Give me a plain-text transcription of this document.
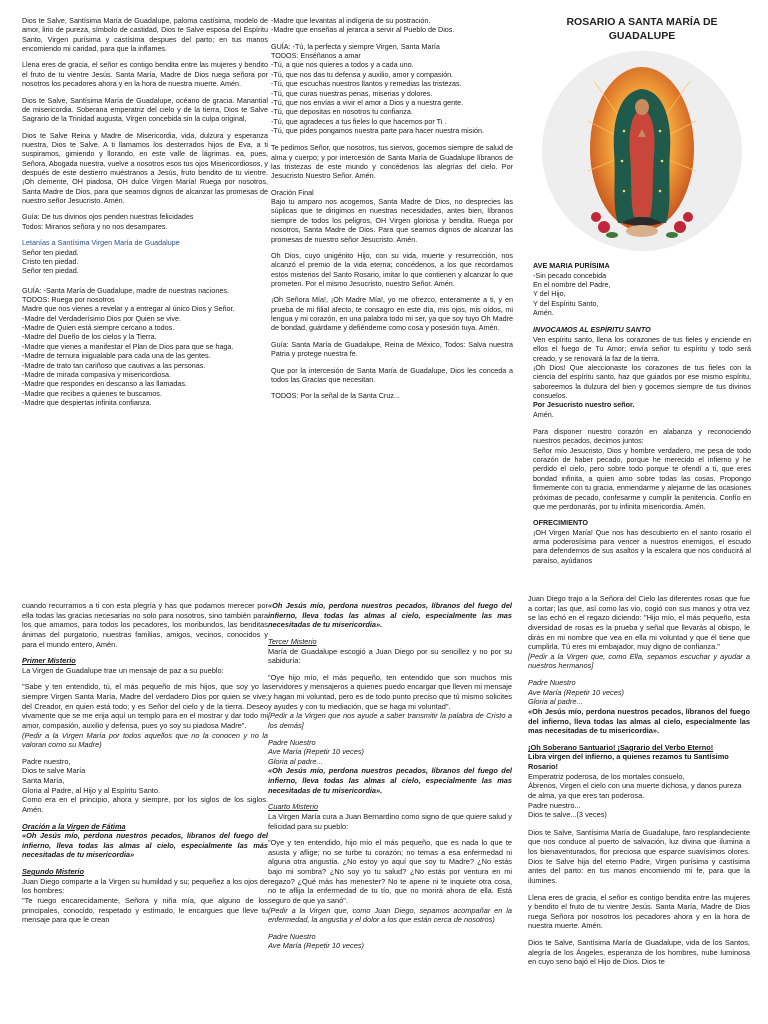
Dios te Salve, Santísima María de Guadalupe, paloma castísima, modelo de amor, lirio de pureza, símbolo de castidad, Dios te Salve esposa del Espíritu Santo, Virgen purísima y castísima despues del parto; en tus manos encomiendo mi caridad, para que la inflames.

Llena eres de gracia, el señor es contigo bendita entre las mujeres y bendito el fruto de tu vientre Jesús. Santa María, Madre de Dios ruega señora por nosotros los pecadores ahora y en la hora de nuestra muerte. Amén.

Dios te Salve, Santísima María de Guadalupe, océano de gracia. Manantial de misericordia. Soberana emperatriz del cielo y de la tierra, Dios te Salve Sagrario de la Trinidad augusta, Virgen concebida sin la culpa original,

Dios te Salve Reina y Madre de Misericordia, vida, dulzura y esperanza nuestra, Dios te Salve. A ti llamamos los desterrados hijos de Eva, a ti suspiramos, gimiendo y llorando, en este valle de lágrimas. ea, pues, Señora, Abogada nuestra, vuelve a nosotros esos tus ojos Misericordiosos, y después de este destierro muéstranos a Jesús, fruto bendito de tu vientre. ¡Oh clemente, OH piadosa, OH dulce Virgen María! Ruega por nosotros, Santa Madre de Dios, para que seamos dignos de alcanzar las promesas de nuestro señor Jesucristo. Amén.

Guía: De tus divinos ojos penden nuestras felicidades
Todos: Miranos señora y no nos desampares.

Letanías a Santísima Virgen María de Guadalupe
Señor ten piedad.
Cristo ten piedad.
Señor ten piedad.

GUÍA: -Santa María de Guadalupe, madre de nuestras naciones.
TODOS: Ruega por nosotros
Madre que nos vienes a revelar y a entregar al único Dios y Señor.
-Madre del Verdaderísimo Dios por Quien se vive.
-Madre de Quien está siempre cercano a todos.
-Madre del Dueño de los cielos y la Tierra.
-Madre que vienes a manifestar el Plan de Dios para que se haga.
-Madre de ternura inigualable para cada una de las gentes.
-Madre de trato tan cariñoso que cautivas a las personas.
-Madre de mirada compasiva y misericordiosa.
-Madre que respondes en descanso a las llamadas.
-Madre que recibes a quienes te buscamos.
-Madre que despiertas infinita confianza.

-Madre que levantas al indígena de su postración.
-Madre que enseñas al jerarca a servir al Pueblo de Dios.

GUÍA: -Tú, la perfecta y siempre Virgen, Santa María
TODOS: Enséñanos a amar
-Tú, a que nos quieres a todos y a cada uno.
-Tú, que nos das tu defensa y auxilio, amor y compasión.
-Tú, que escuchas nuestros llantos y remedias las tristezas.
-Tú, que curas nuestras penas, miserias y dolores.
-Tú, que nos envías a vivir el amor a Dios y a nuestra gente.
-Tú, que depositas en nosotros tu confianza.
-Tú, que agradeces a tus fieles lo que hacemos por Ti .
-Tú, que pides pongamos nuestra parte para hacer nuestra misión.

Te pedimos Señor, que nosotros, tus siervos, gocemos siempre de salud de alma y cuerpo; y por intercesión de Santa María de Guadalupe líbranos de las tristezas de este mundo y concédenos las alegrías del cielo. Por Jesucristo Nuestro Señor. Amén.

Oración Final

Bajo tu amparo nos acogemos, Santa Madre de Dios, no desprecies las súplicas que te dirigimos en nuestras necesidades, antes bien, líbranos siempre de todos los peligros, OH Virgen gloriosa y bendita. Ruega por nosotros, Santa Madre de Dios. Para que seamos dignos de alcanzar las promesas de nuestro señor Jesucristo. Amén.

Oh Dios, cuyo unigénito Hijo, con su vida, muerte y resurrección, nos alcanzó el premio de la vida eterna; concédenos, a los que recordamos estos misterios del Santo Rosario, imitar lo que contienen y alcanzar lo que prometen. Por el mismo Jesucristo, nuestro Señor. Amén.

¡Oh Señora Mía!, ¡Oh Madre Mía!, yo me ofrezco, enteramente a ti, y en prueba de mi filial afecto, te consagro en este día, mis ojos, mis oídos, mi lengua y mi corazón, en una palabra todo mi ser, ya que soy tuyo Oh Madre de bondad, guárdame y defiéndeme como cosa y posesión tuya. Amén.

Guía: Santa María de Guadalupe, Reina de México, Todos: Salva nuestra Patria y protege nuestra fe.

Que por la intercesión de Santa María de Guadalupe, Dios les conceda a todos las Gracias que necesitan.

TODOS: Por la señal de la Santa Cruz...

ROSARIO A SANTA MARÍA DE GUADALUPE
AVE MARIA PURÍSIMA
-Sin pecado concebida
En el nombre del Padre,
Y del Hijo,
Y del Espíritu Santo,
Amén.
INVOCAMOS AL ESPÍRITU SANTO

Ven espíritu santo, llena los corazones de tus fieles y enciende en ellos el fuego de Tu Amor; envía señor tu espíritu y todo será creado, y se renovará la faz de la tierra.

¡Oh Dios! Que aleccionaste los corazones de tus fieles con la ciencia del espíritu santo, haz que guiados por ese mismo espíritu, saboreemos la dulzura del bien y gocemos siempre de tus divinos consuelos.

Por Jesucristo nuestro señor.
Amén.

Para disponer nuestro corazón en alabanza y reconociendo nuestros pecados, decimos juntos:

Señor mío Jesucristo, Dios y hombre verdadero, me pesa de todo corazón de haber pecado, porque he merecido el infierno y he perdido el cielo, pero sobre todo porque te ofendí a ti, que eres bondad infinita, a quien amo sobre todas las cosas. Propongo firmemente con tu gracia, enmendarme y alejarme de las ocasiones próximas de pecado, confesarme y cumplir la penitencia. Confío en que me perdonarás, por tu infinita misericordia. Amén.

OFRECIMIENTO

¡OH Virgen María! Que nos has descubierto en el santo rosario el arma poderosísima para vencer a nuestros enemigos, el escudo para defendernos de sus asaltos y la escalera que nos conducirá al paraíso, ayúdanos

cuando recurramos a ti con esta plegría y has que podamos merecer por ella todas las gracias necesarias no solo para nosotros, sino también para los que amamos, para todos los pecadores, los moribundos, las benditas ánimas del purgatorio, nuestras familias, amigos, vecinos, conocidos y para el mundo entero, Amén.

Primer Misterio

La Virgen de Guadalupe trae un mensaje de paz a su pueblo:

"Sabe y ten entendido, tú, el más pequeño de mis hijos, que soy yo la siempre Virgen Santa María, Madre del verdadero Dios por quien se vive; del Creador, en quien está todo; y es Señor del cielo y de la tierra. Deseo vivamente que se me erija aquí un templo para en el mostrar y dar todo mi amor, compasión, auxilio y defensa, pues yo soy su piadosa Madre".

(Pedir a la Virgen María por todos aquellos que no la conocen y no la valoran como su Madre)

Padre nuestro,
Dios te salve María
Santa María,
Gloria al Padre, al Hijo y al Espíritu Santo.

Como era en el principio, ahora y siempre, por los siglos de los siglos. Amén.

Oración a la Virgen de Fátima

«Oh Jesús mío, perdona nuestros pecados, líbranos del fuego del infierno, lleva todas las almas al cielo, especialmente las más necesitadas de tu misericordia»

Segundo Misterio

Juan Diego comparte a la Virgen su humildad y su; pequeñez a los ojos de los hombres:

"Te ruego encarecidamente, Señora y niña mía, que alguno de los principales, conocido, respetado y estimado, le encargues que lleve tu mensaje para que le crean

«Oh Jesús mío, perdona nuestros pecados, líbranos del fuego del infierno, lleva todas las almas al cielo, especialmente las mas necesitadas de tu misericordia».

Tercer Misterio

María de Guadalupe escogió a Juan Diego por su sencillez y no por su sabiduría:

"Oye hijo mío, el más pequeño, ten entendido que son muchos mis servidores y mensajeros a quienes puedo encargar que lleven mi mensaje y hagan mi voluntad, pero es de todo punto preciso que tú mismo solicites y ayudes y con tu mediación, que se haga mi voluntad".

[Pedir a la Virgen que nos ayude a saber transmitir la palabra de Cristo a los demás]

Padre Nuestro
Ave María (Repetir 10 veces)
Gloria al padre...

«Oh Jesús mío, perdona nuestros pecados, líbranos del fuego del infierno, lleva todas las almas al cielo, especialmente las mas necesitadas de tu misericordia».

Cuarto Misterio

La Virgen María cura a Juan Bernardino como signo de que quiere salud y felicidad para su pueblo:

"Oye y ten entendido, hijo mío el más pequeño, que es nada lo que te asusta y aflige; no se turbe tu corazón; no temas a esa enfermedad ni alguna otra angustia. ¿No estoy yo aquí que soy tu Madre? ¿No estás bajo mi sombra? ¿No soy yo tu salud? ¿No estás por ventura en mi regazo? ¿Qué más has menester? No te apene ni te inquiete otra cosa, no te aflija la enfermedad de tu tío, que no morirá ahora de ella. Está seguro de que ya sanó".

(Pedir a la Virgen que, como Juan Diego, sepamos acompañar en la enfermedad, la angustia y el dolor a los que están cerca de nosotros)

Padre Nuestro
Ave María (Repetir 10 veces)

Juan Diego trajo a la Señora del Cielo las diferentes rosas que fue a cortar; las que, así como las vio, cogió con sus manos y otra vez se las echó en el regazo diciendo: "Hijo mío, el más pequeño, esta diversidad de rosas es la prueba y señal que llevarás al obispo, le dirás en mi nombre que vea en ella mi voluntad y que él tiene que cumplirla. Tú eres mi embajador, muy digno de confianza."

[Pedir a la Virgen que, como Ella, sepamos escuchar y ayudar a nuestros hermanos]

Padre Nuestro
Ave María (Repetir 10 veces)
Gloria al padre...

«Oh Jesús mío, perdona nuestros pecados, líbranos del fuego del infierno, lleva todas las almas al cielo, especialmente las mas necesitadas de tu misericordia».

¡Oh Soberano Santuario! ¡Sagrario del Verbo Eterno!
Libra virgen del infierno, a quienes rezamos tu Santísimo Rosario!
Emperatriz poderosa, de los mortales consuelo,
Ábrenos, Virgen el cielo con una muerte dichosa, y danos pureza de alma, ya que eres tan poderosa.
Padre nuestro...
Dios te salve...(3 veces)

Dios te Salve, Santísima María de Guadalupe, faro resplandeciente que nos conduce al puerto de salvación, luz divina que ilumina a los bienaventurados, flor preciosa que esparce suavísimos olores. Dios te Salve hija del eterno Padre, Virgen purísima y castísima antes del parto: en tus manos encomiendo mi fe, para que la ilumines.

Llena eres de gracia, el señor es contigo bendita entre las mujeres y bendito el fruto de tu vientre Jesús. Santa María, Madre de Dios ruega Señora por nosotros los pecadores ahora y en la hora de nuestra muerte. Amén.

Dios te Salve, Santísima María de Guadalupe, vida de los Santos, alegría de los Ángeles, esperanza de los hombres, nube luminosa en cuyo seno bajó el Hijo de Dios. Dios te
